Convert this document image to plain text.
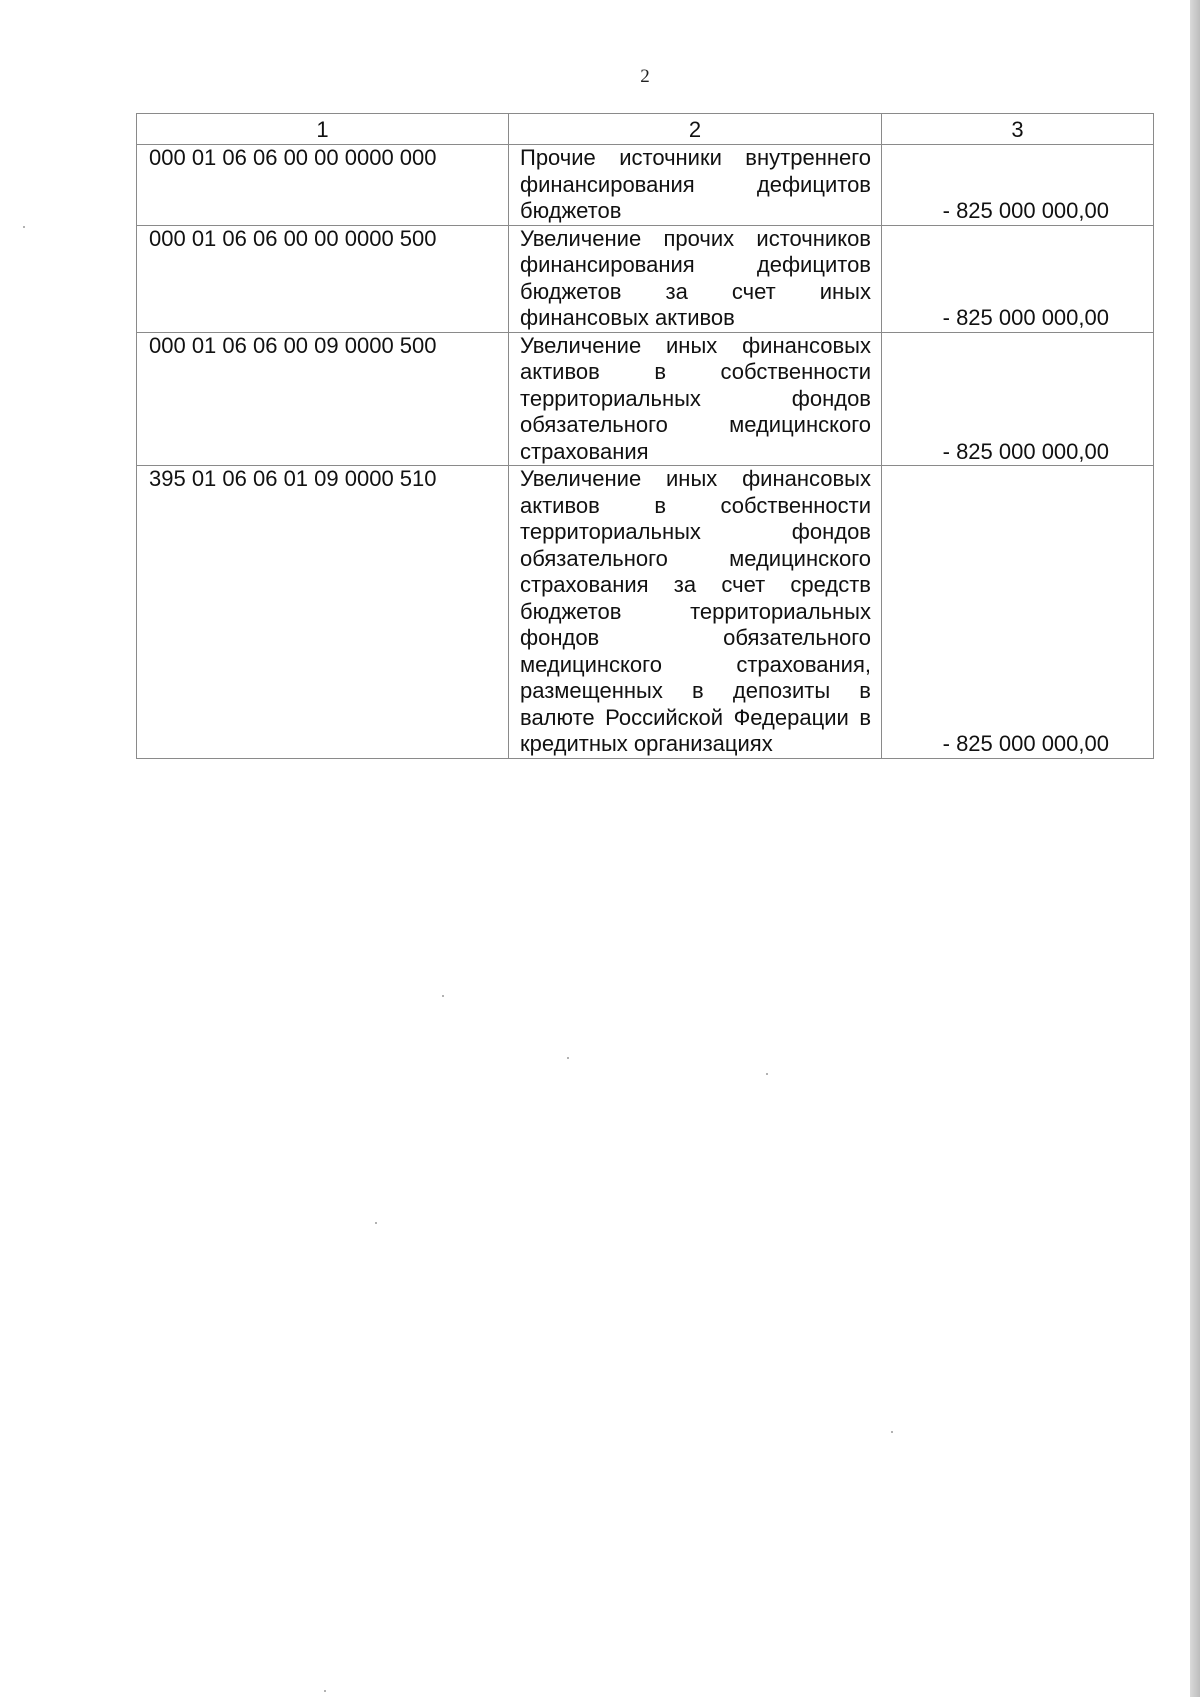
2
1	2	3
000 01 06 06 00 00 0000 000	Прочие источники внутреннего финансирования дефицитов бюджетов	- 825 000 000,00
000 01 06 06 00 00 0000 500	Увеличение прочих источников финансирования дефицитов бюджетов за счет иных финансовых активов	- 825 000 000,00
000 01 06 06 00 09 0000 500	Увеличение иных финансовых активов в собственности территориальных фондов обязательного медицинского страхования	- 825 000 000,00
395 01 06 06 01 09 0000 510	Увеличение иных финансовых активов в собственности территориальных фондов обязательного медицинского страхования за счет средств бюджетов территориальных фондов обязательного медицинского страхования, размещенных в депозиты в валюте Российской Федерации в кредитных организациях	- 825 000 000,00
